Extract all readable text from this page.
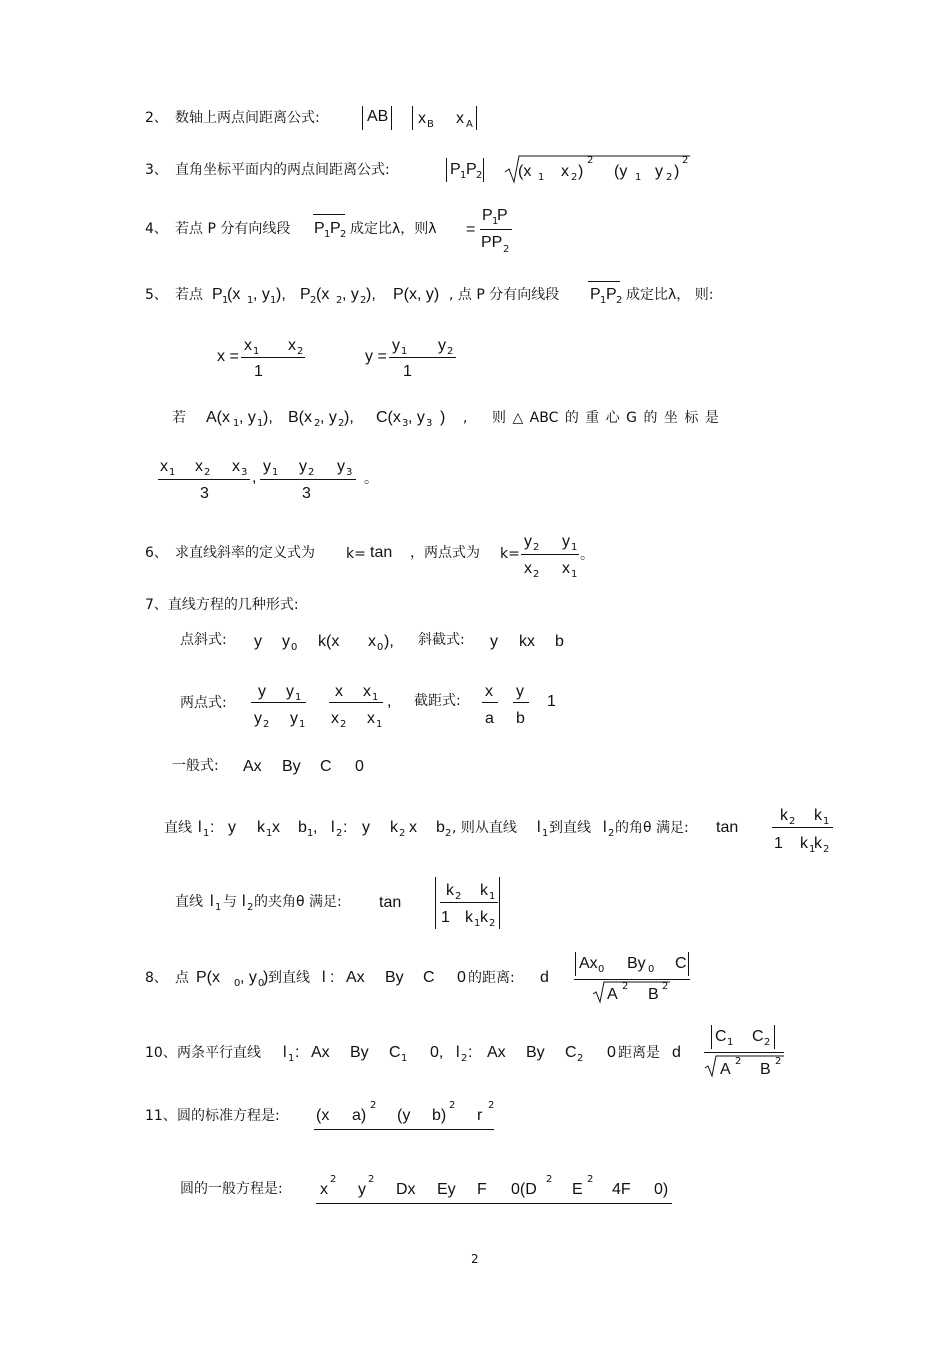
2、 数轴上两点间距离公式:	AB x B x A
3、 直角坐标平面内的两点间距离公式:	P 1 P 2 (x 1 x 2 )
2
(y 1 y 2 )
2
4、 若点 P 分有向线段 P 1 P 2 成定比λ，则λ =
P 1
P
PP 2
5、 若点 P 1
(x 1 , y 1 ), P 2 (x 2 , y 2 ), P(x, y) , 点 P 分有向线段 P 1 P 2 成定比λ， 则:
x =
x 1 x 2
1
y =
y 1 y 2
1
若 A(x 1 , y 1 ), B(x 2 , y 2 ), C(x 3 , y 3 ) , 则 △ ABC 的 重 心 G 的 坐 标 是
x 1 x 2 x 3
3
,
y 1 y 2 y 3
3
。
6、 求直线斜率的定义式为 k= tan ，两点式为 k=
y 2 y 1
x 2 x 1
。
7、直线方程的几种形式:
点斜式: y y 0 k(x x 0 ), 斜截式: y kx b
两点式:
y y 1
y 2 y 1
x x 1
x 2 x 1
, 截距式:
x
a
y
b
1
一般式: Ax By C 0
直线 l 1 : y k 1 x b 1 , l 2 : y k 2 x b 2 , 则从直线 l 1 到直线 l 2 的角θ 满足: tan
k 2 k 1
1 k 1
k 2
直线 l 1 与 l 2 的夹角θ 满足: tan
k 2 k 1
1 k 1 k 2
8、 点 P(x 0 , y 0
) 到直线 l : Ax By C 0 的距离: d
Ax 0 By 0 C
A 2 B 2
10、 两条平行直线 l 1 : Ax By C 1 0, l 2 : Ax By C 2 0 距离是 d
C 1 C 2
A 2 B 2
11、 圆的标准方程是: (x a)
2
(y b)
2
r
2
圆的一般方程是: x
2
y
2
Dx Ey F 0(D
2
E
2
4F 0)
2
